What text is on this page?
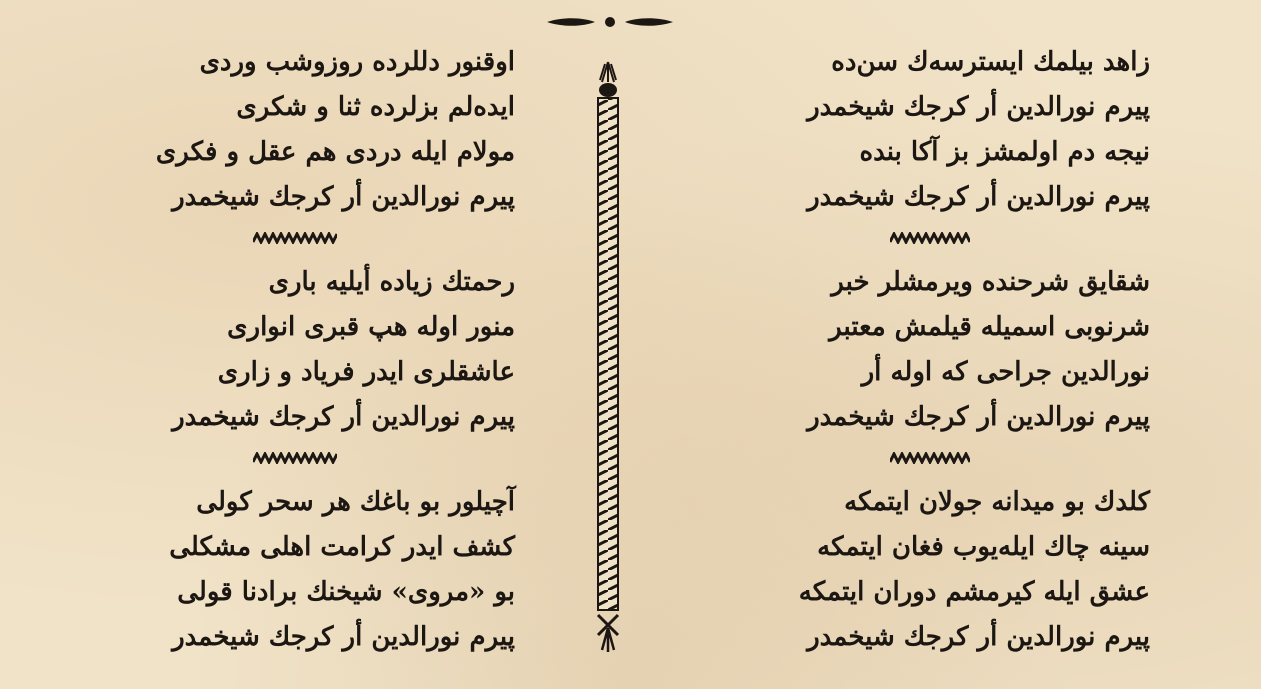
زاهد بیلمك ایسترسەك سن‌ده
پیرم نورالدین أر کرجك شیخمدر
نیجه دم اولمشز بز آکا بنده
پیرم نورالدین أر کرجك شیخمدر
شقایق شرحنده ویرمشلر خبر
شرنوبی اسمیله قیلمش معتبر
نورالدین جراحی که اوله أر
پیرم نورالدین أر کرجك شیخمدر
کلدك بو میدانه جولان ایتمکه
سینه چاك ایله‌یوب فغان ایتمکه
عشق ایله کیرمشم دوران ایتمکه
پیرم نورالدین أر کرجك شیخمدر
اوقنور دللرده روزوشب وردی
ایدەلم بزلرده ثنا و شکری
مولام ایله دردی هم عقل و فکری
پیرم نورالدین أر کرجك شیخمدر
رحمتك زیاده أیلیه باری
منور اوله هپ قبری انواری
عاشقلری ایدر فریاد و زاری
پیرم نورالدین أر کرجك شیخمدر
آچیلور بو باغك هر سحر کولی
کشف ایدر کرامت اهلی مشکلی
بو «مروی» شیخنك برادنا قولی
پیرم نورالدین أر کرجك شیخمدر
